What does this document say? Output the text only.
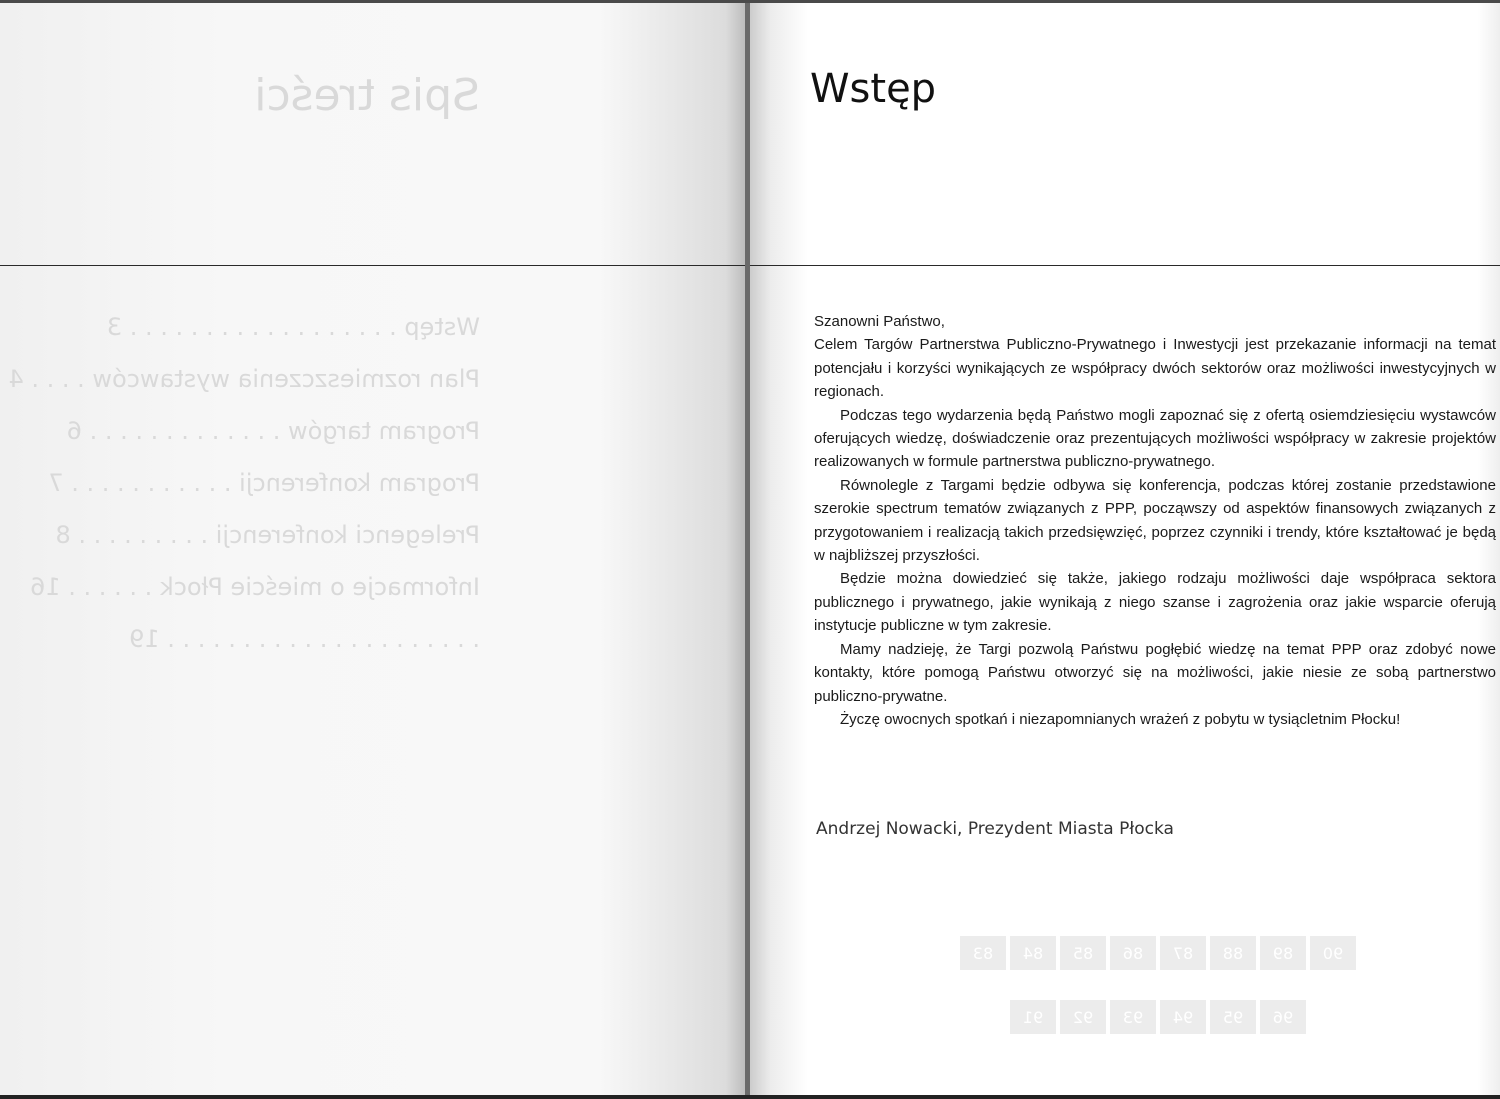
Spis treści
Wstęp . . . . . . . . . . . . . . . . . . 3
Plan rozmieszczenia wystawców . . . . 4
Program targów . . . . . . . . . . . . . 6
Program konferencji . . . . . . . . . . . 7
Prelegenci konferencji . . . . . . . . . 8
Informacje o mieście Płock . . . . . . 16
. . . . . . . . . . . . . . . . . . . . . 19
Wstęp

Szanowni Państwo,

Celem Targów Partnerstwa Publiczno-Prywatnego i Inwestycji jest przekazanie informacji na temat potencjału i korzyści wynikających ze współpracy dwóch sektorów oraz możliwości inwestycyjnych w regionach.

Podczas tego wydarzenia będą Państwo mogli zapoznać się z ofertą osiemdziesięciu wystawców oferujących wiedzę, doświadczenie oraz prezentujących możliwości współpracy w zakresie projektów realizowanych w formule partnerstwa publiczno-prywatnego.

Równolegle z Targami będzie odbywa się konferencja, podczas której zostanie przedstawione szerokie spectrum tematów związanych z PPP, począwszy od aspektów finansowych związanych z przygotowaniem i realizacją takich przedsięwzięć, poprzez czynniki i trendy, które kształtować je będą w najbliższej przyszłości.

Będzie można dowiedzieć się także, jakiego rodzaju możliwości daje współpraca sektora publicznego i prywatnego, jakie wynikają z niego szanse i zagrożenia oraz jakie wsparcie oferują instytucje publiczne w tym zakresie.

Mamy nadzieję, że Targi pozwolą Państwu pogłębić wiedzę na temat PPP oraz zdobyć nowe kontakty, które pomogą Państwu otworzyć się na możliwości, jakie niesie ze sobą partnerstwo publiczno-prywatne.

Życzę owocnych spotkań i niezapomnianych wrażeń z pobytu w tysiącletnim Płocku!

Andrzej Nowacki, Prezydent Miasta Płocka
83	84	85	86	87	88	89	90
91	92	93	94	95	96
